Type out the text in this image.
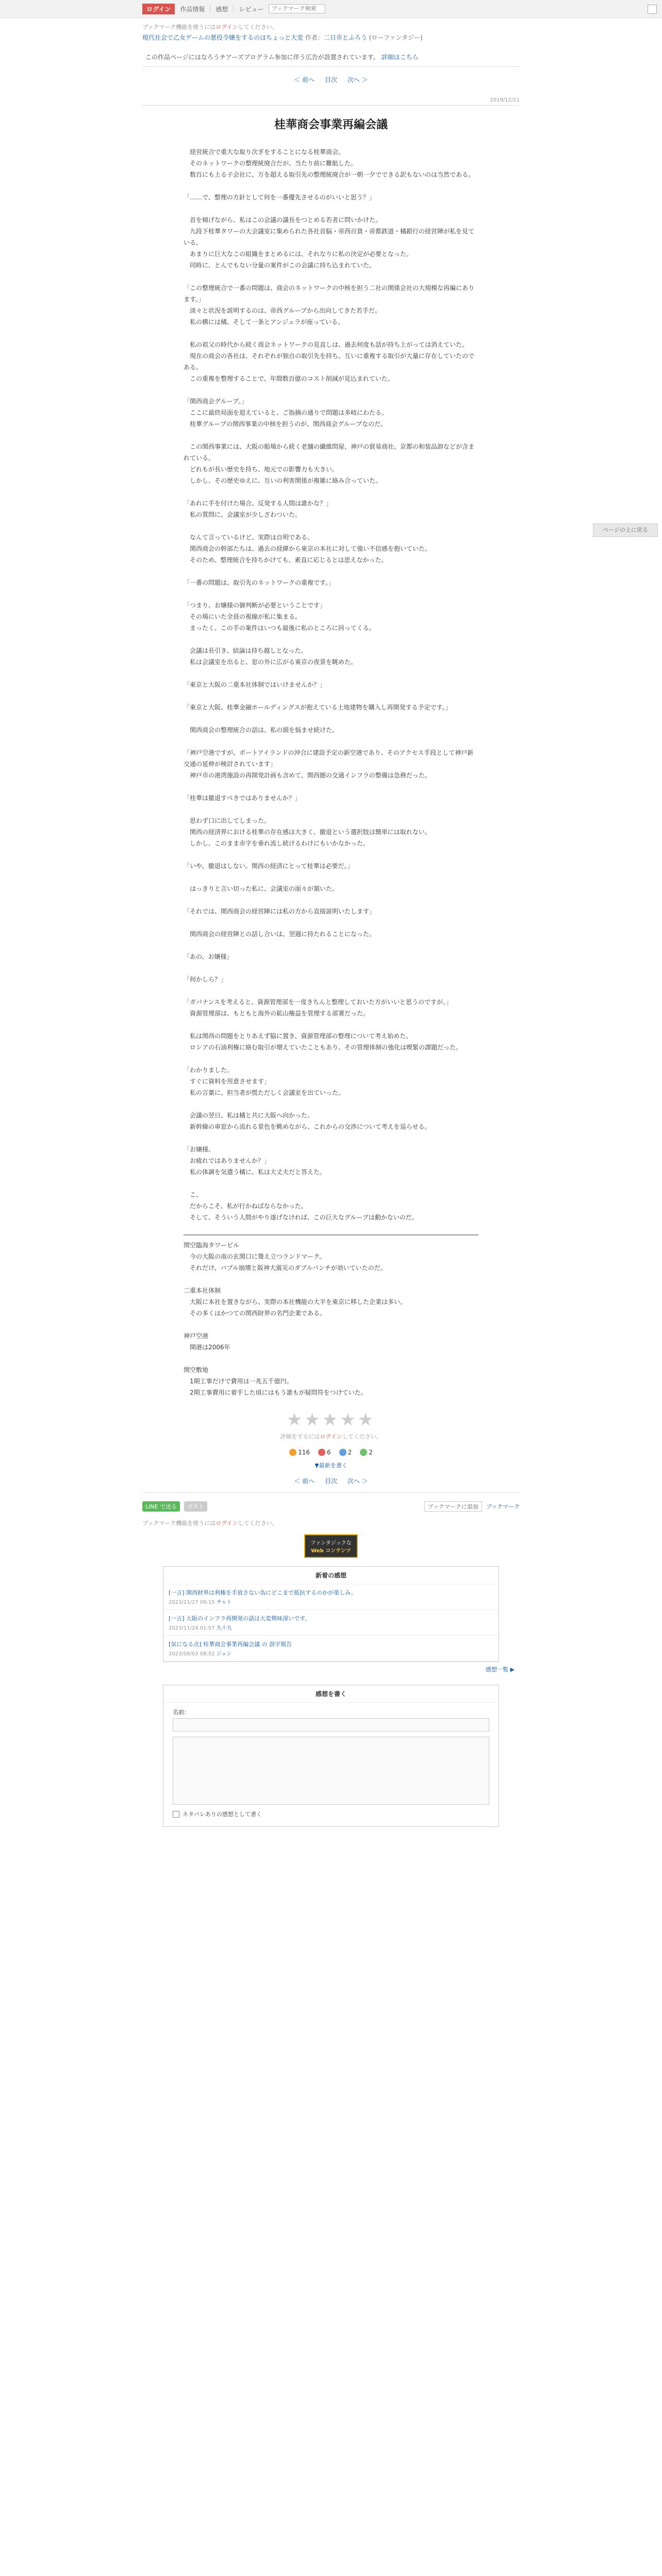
ログイン	作品情報 感想 レビュー
ブックマーク検索
ブックマーク機能を使うにはログインしてください。
現代社会で乙女ゲームの悪役令嬢をするのはちょっと大変 作者：二日市とふろう (ローファンタジー)
この作品ページにはなろうチアーズプログラム参加に伴う広告が設置されています。 詳細はこちら
＜ 前へ 目次 次へ ＞
2019/12/11
桂華商会事業再編会議

　経営統合で重大な取り次ぎをすることになる桂華商会。
　そのネットワークの整理統廃合だが、当たり前に難航した。
　数百にも上る子会社に、万を超える取引先の整理統廃合が一朝一夕でできる訳もないのは当然である。

「……で、整理の方針として何を一番優先させるのがいいと思う？」

　首を傾げながら、私はこの会議の議長をつとめる若者に問いかけた。
　九段下桂華タワーの大会議室に集められた各社首脳・帝西百貨・帝都鉄道・橘銀行の経営陣が私を見ている。
　あまりに巨大なこの組織をまとめるには、それなりに私の決定が必要となった。
　同時に、とんでもない分量の案件がこの会議に持ち込まれていた。

「この整理統合で一番の問題は、商会のネットワークの中核を担う二社の関係会社の大規模な再編にあります。」
　淡々と状況を説明するのは、帝西グループから出向してきた若手だ。
　私の横には橘、そして一条とアンジェラが座っている。

　私の祖父の時代から続く商会ネットワークの見直しは、過去何度も話が持ち上がっては消えていた。
　現在の商会の各社は、それぞれが独自の取引先を持ち、互いに重複する取引が大量に存在していたのである。
　この重複を整理することで、年間数百億のコスト削減が見込まれていた。

「関西商会グループ。」
　ここに最終局面を迎えていると、ご指摘の通りで問題は多岐にわたる。
　桂華グループの関西事業の中核を担うのが、関西商会グループなのだ。

　この関西事業には、大阪の船場から続く老舗の繊維問屋、神戸の貿易商社、京都の和装品卸などが含まれている。
　どれもが長い歴史を持ち、地元での影響力も大きい。
　しかし、その歴史ゆえに、互いの利害関係が複雑に絡み合っていた。

「あれに手を付けた場合、反発する人間は誰かな？」
　私の質問に、会議室が少しざわついた。

　なんて言っているけど、実際は自明である。
　関西商会の幹部たちは、過去の経緯から東京の本社に対して強い不信感を抱いていた。
　そのため、整理統合を持ちかけても、素直に応じるとは思えなかった。

「一番の問題は、取引先のネットワークの重複です。」

「つまり、お嬢様の御判断が必要ということです」
　その場にいた全員の視線が私に集まる。
　まったく、この手の案件はいつも最後に私のところに回ってくる。

　会議は長引き、結論は持ち越しとなった。
　私は会議室を出ると、窓の外に広がる東京の夜景を眺めた。

「東京と大阪の二重本社体制ではいけませんか？」

「東京と大阪、桂華金融ホールディングスが抱えている土地建物を購入し再開発する予定です。」

　関西商会の整理統合の話は、私の頭を悩ませ続けた。

「神戸空港ですが、ポートアイランドの沖合に建設予定の新空港であり、そのアクセス手段として神戸新交通の延伸が検討されています」
　神戸市の港湾施設の再開発計画も含めて、関西圏の交通インフラの整備は急務だった。

「桂華は撤退すべきではありませんか？」

　思わず口に出してしまった。
　関西の経済界における桂華の存在感は大きく、撤退という選択肢は簡単には取れない。
　しかし、このまま赤字を垂れ流し続けるわけにもいかなかった。

「いや、撤退はしない。関西の経済にとって桂華は必要だ。」

　はっきりと言い切った私に、会議室の面々が頷いた。

「それでは、関西商会の経営陣には私の方から直接説明いたします」

　関西商会の経営陣との話し合いは、翌週に持たれることになった。

「あの、お嬢様」

「何かしら？」

「ガバナンスを考えると、資源管理部を一度きちんと整理しておいた方がいいと思うのですが。」
　資源管理部は、もともと海外の鉱山権益を管理する部署だった。

　私は関西の問題をとりあえず脇に置き、資源管理部の整理について考え始めた。
　ロシアの石油利権に絡む取引が増えていたこともあり、その管理体制の強化は喫緊の課題だった。

「わかりました。
　すぐに資料を用意させます」
　私の言葉に、担当者が慌ただしく会議室を出ていった。

　会議の翌日、私は橘と共に大阪へ向かった。
　新幹線の車窓から流れる景色を眺めながら、これからの交渉について考えを巡らせる。

「お嬢様、
　お疲れではありませんか？」
　私の体調を気遣う橘に、私は大丈夫だと答えた。

　こ、
　だからこそ、私が行かねばならなかった。
　そして、そういう人間がやり遂げなければ、この巨大なグループは動かないのだ。

関空臨海タワービル
　今の大阪の南の玄関口に聳え立つランドマーク。
　それだけ、バブル崩壊と阪神大震災のダブルパンチが効いていたのだ。

二重本社体制
　大阪に本社を置きながら、実際の本社機能の大半を東京に移した企業は多い。
　その多くはかつての関西財界の名門企業である。

神戸空港
　開港は2006年

関空敷地
　1期工事だけで費用は一兆五千億円。
　2期工事費用に着手した頃にはもう誰もが疑問符をつけていた。

★★★★★
評価をするにはログインしてください。
116	6	2	2
▼最新を書く
＜ 前へ 目次 次へ ＞
LINE で送る	ポスト	ブックマークに追加	ブックマーク
ブックマーク機能を使うにはログインしてください。
ファンタジックな
Web コンテンツ
新着の感想
[一言] 関西財界は利権を手放さない為にどこまで抵抗するのかが楽しみ。
2023/11/27 09:15 チャト
[一言] 大阪のインフラ再開発の話は大変興味深いです。
2023/11/24 01:07 九十九
[気になる点] 桂華商会事業再編会議 の 誤字報告
2023/09/03 08:52 ジェシ
感想一覧 ▶
感想を書く
名前：
ネタバレありの感想として書く
ページの上に戻る
